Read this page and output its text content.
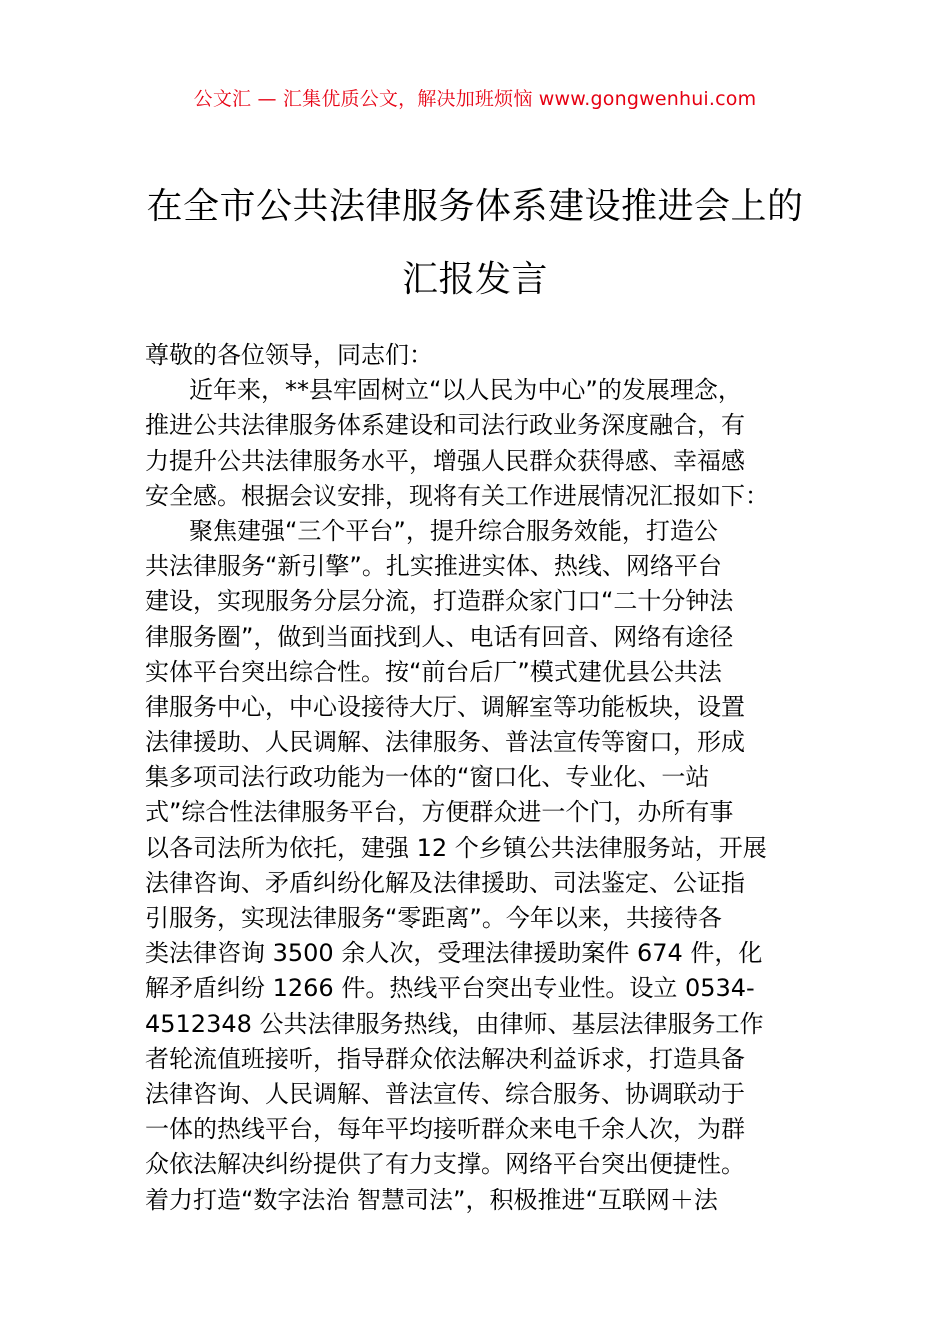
公文汇 — 汇集优质公文，解决加班烦恼 www.gongwenhui.com
在全市公共法律服务体系建设推进会上的
汇报发言
尊敬的各位领导，同志们：
近年来，**县牢固树立“以人民为中心”的发展理念，
推进公共法律服务体系建设和司法行政业务深度融合，有
力提升公共法律服务水平，增强人民群众获得感、幸福感
安全感。根据会议安排，现将有关工作进展情况汇报如下：
聚焦建强“三个平台”，提升综合服务效能，打造公
共法律服务“新引擎”。扎实推进实体、热线、网络平台
建设，实现服务分层分流，打造群众家门口“二十分钟法
律服务圈”，做到当面找到人、电话有回音、网络有途径
实体平台突出综合性。按“前台后厂”模式建优县公共法
律服务中心，中心设接待大厅、调解室等功能板块，设置
法律援助、人民调解、法律服务、普法宣传等窗口，形成
集多项司法行政功能为一体的“窗口化、专业化、一站
式”综合性法律服务平台，方便群众进一个门，办所有事
以各司法所为依托，建强 12 个乡镇公共法律服务站，开展
法律咨询、矛盾纠纷化解及法律援助、司法鉴定、公证指
引服务，实现法律服务“零距离”。今年以来，共接待各
类法律咨询 3500 余人次，受理法律援助案件 674 件，化
解矛盾纠纷 1266 件。热线平台突出专业性。设立 0534-
4512348 公共法律服务热线，由律师、基层法律服务工作
者轮流值班接听，指导群众依法解决利益诉求，打造具备
法律咨询、人民调解、普法宣传、综合服务、协调联动于
一体的热线平台，每年平均接听群众来电千余人次，为群
众依法解决纠纷提供了有力支撑。网络平台突出便捷性。
着力打造“数字法治 智慧司法”，积极推进“互联网＋法
